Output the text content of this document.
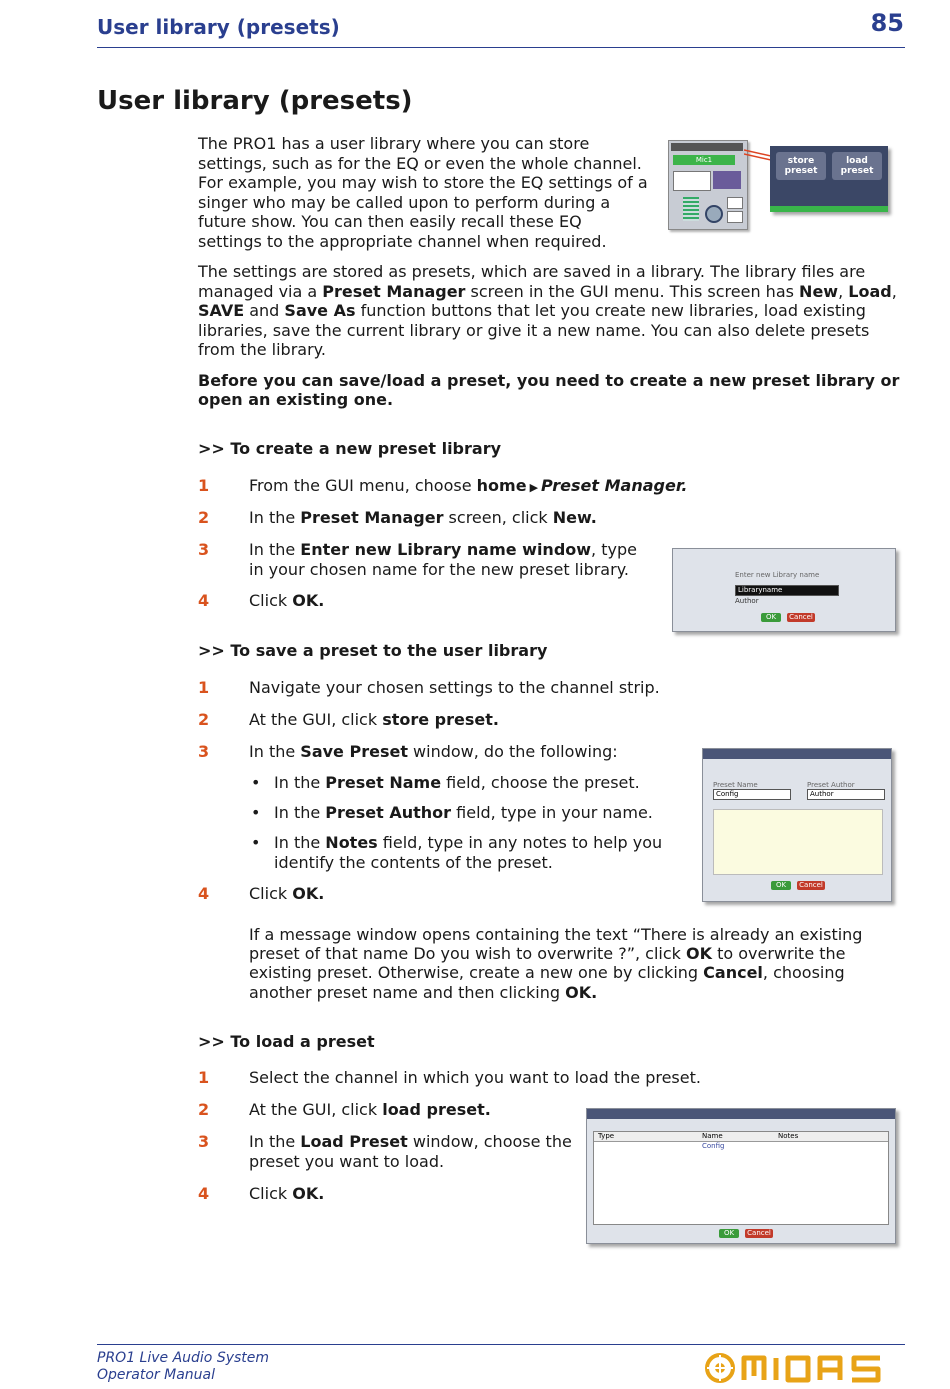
User library (presets)	85
User library (presets)
The PRO1 has a user library where you can store
settings, such as for the EQ or even the whole channel.
For example, you may wish to store the EQ settings of a
singer who may be called upon to perform during a
future show. You can then easily recall these EQ
settings to the appropriate channel when required.
Mic1	store preset
load preset
The settings are stored as presets, which are saved in a library. The library files are
managed via a Preset Manager screen in the GUI menu. This screen has New, Load,
SAVE and Save As function buttons that let you create new libraries, load existing
libraries, save the current library or give it a new name. You can also delete presets
from the library.
Before you can save/load a preset, you need to create a new preset library or
open an existing one.
>> To create a new preset library
1 From the GUI menu, choose home ▶ Preset Manager.
2 In the Preset Manager screen, click New.
3 In the Enter new Library name window, type
in your chosen name for the new preset library.
4 Click OK.
Enter new Library name
Libraryname
Author
OK	Cancel
>> To save a preset to the user library
1 Navigate your chosen settings to the channel strip.
2 At the GUI, click store preset.
3 In the Save Preset window, do the following:
• In the Preset Name field, choose the preset.
• In the Preset Author field, type in your name.
• In the Notes field, type in any notes to help you
identify the contents of the preset.
4 Click OK.
If a message window opens containing the text “There is already an existing
preset of that name Do you wish to overwrite ?”, click OK to overwrite the
existing preset. Otherwise, create a new one by clicking Cancel, choosing
another preset name and then clicking OK.
Preset Name	Preset Author
Config	Author
OK	Cancel
>> To load a preset
1 Select the channel in which you want to load the preset.
2 At the GUI, click load preset.
3 In the Load Preset window, choose the
preset you want to load.
4 Click OK.
Type	Name	Notes
Config
OK	Cancel
PRO1 Live Audio System
Operator Manual
